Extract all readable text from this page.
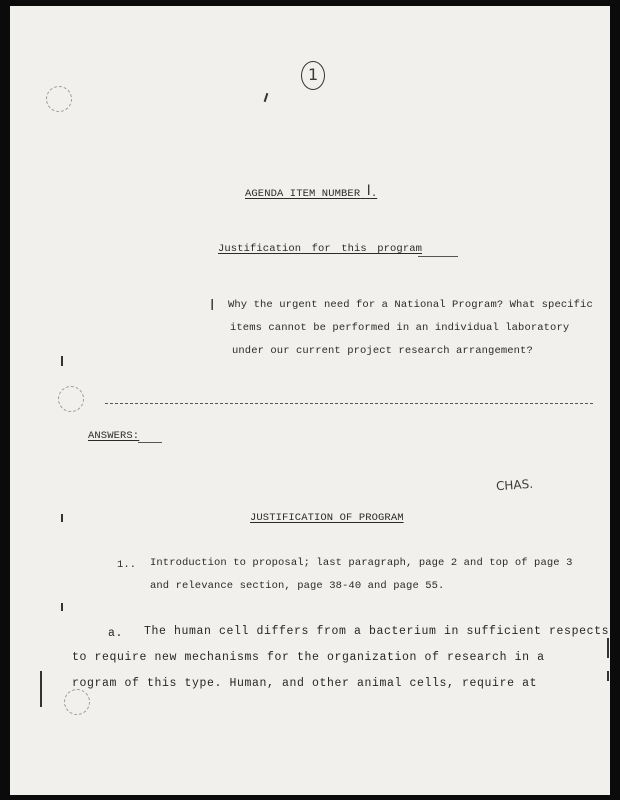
1
AGENDA ITEM NUMBER I.
Justification for this program
I Why the urgent need for a National Program? What specific
items cannot be performed in an individual laboratory
under our current project research arrangement?
ANSWERS:
CHAS.
JUSTIFICATION OF PROGRAM
1.. Introduction to proposal; last paragraph, page 2 and top of page 3
and relevance section, page 38-40 and page 55.
a. The human cell differs from a bacterium in sufficient respects
to require new mechanisms for the organization of research in a
rogram of this type. Human, and other animal cells, require at
